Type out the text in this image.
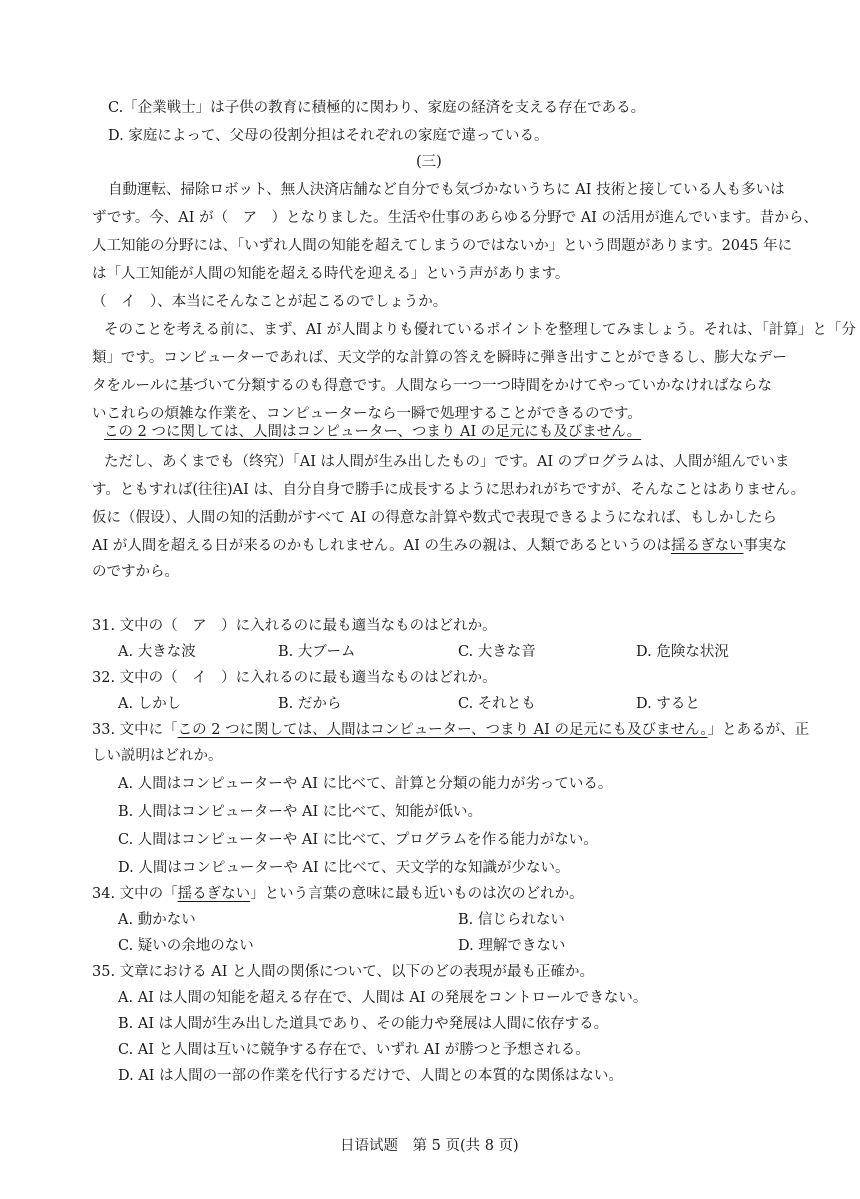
C.「企業戦士」は子供の教育に積極的に関わり、家庭の経済を支える存在である。
D. 家庭によって、父母の役割分担はそれぞれの家庭で違っている。
(三)
自動運転、掃除ロボット、無人決済店舗など自分でも気づかないうちに AI 技術と接している人も多いは
ずです。今、AI が（　ア　）となりました。生活や仕事のあらゆる分野で AI の活用が進んでいます。昔から、
人工知能の分野には、「いずれ人間の知能を超えてしまうのではないか」という問題があります。2045 年に
は「人工知能が人間の知能を超える時代を迎える」という声があります。
（　イ　）、本当にそんなことが起こるのでしょうか。
そのことを考える前に、まず、AI が人間よりも優れているポイントを整理してみましょう。それは、「計算」と「分
類」です。コンピューターであれば、天文学的な計算の答えを瞬時に弾き出すことができるし、膨大なデー
タをルールに基づいて分類するのも得意です。人間なら一つ一つ時間をかけてやっていかなければならな
いこれらの煩雑な作業を、コンピューターなら一瞬で処理することができるのです。
この 2 つに関しては、人間はコンピューター、つまり AI の足元にも及びません。
ただし、あくまでも（终究）「AI は人間が生み出したもの」です。AI のプログラムは、人間が組んでいま
す。ともすれば(往往)AI は、自分自身で勝手に成長するように思われがちですが、そんなことはありません。
仮に（假设）、人間の知的活動がすべて AI の得意な計算や数式で表現できるようになれば、もしかしたら
AI が人間を超える日が来るのかもしれません。AI の生みの親は、人類であるというのは揺るぎない事実な
のですから。
31. 文中の（　ア　）に入れるのに最も適当なものはどれか。
A. 大きな波	B. 大ブーム	C. 大きな音	D. 危険な状況
32. 文中の（　イ　）に入れるのに最も適当なものはどれか。
A. しかし	B. だから	C. それとも	D. すると
33. 文中に「この 2 つに関しては、人間はコンピューター、つまり AI の足元にも及びません。」とあるが、正
しい説明はどれか。
A. 人間はコンピューターや AI に比べて、計算と分類の能力が劣っている。
B. 人間はコンピューターや AI に比べて、知能が低い。
C. 人間はコンピューターや AI に比べて、プログラムを作る能力がない。
D. 人間はコンピューターや AI に比べて、天文学的な知識が少ない。
34. 文中の「揺るぎない」という言葉の意味に最も近いものは次のどれか。
A. 動かない	B. 信じられない
C. 疑いの余地のない	D. 理解できない
35. 文章における AI と人間の関係について、以下のどの表現が最も正確か。
A. AI は人間の知能を超える存在で、人間は AI の発展をコントロールできない。
B. AI は人間が生み出した道具であり、その能力や発展は人間に依存する。
C. AI と人間は互いに競争する存在で、いずれ AI が勝つと予想される。
D. AI は人間の一部の作業を代行するだけで、人間との本質的な関係はない。
日语试题　第 5 页(共 8 页)
